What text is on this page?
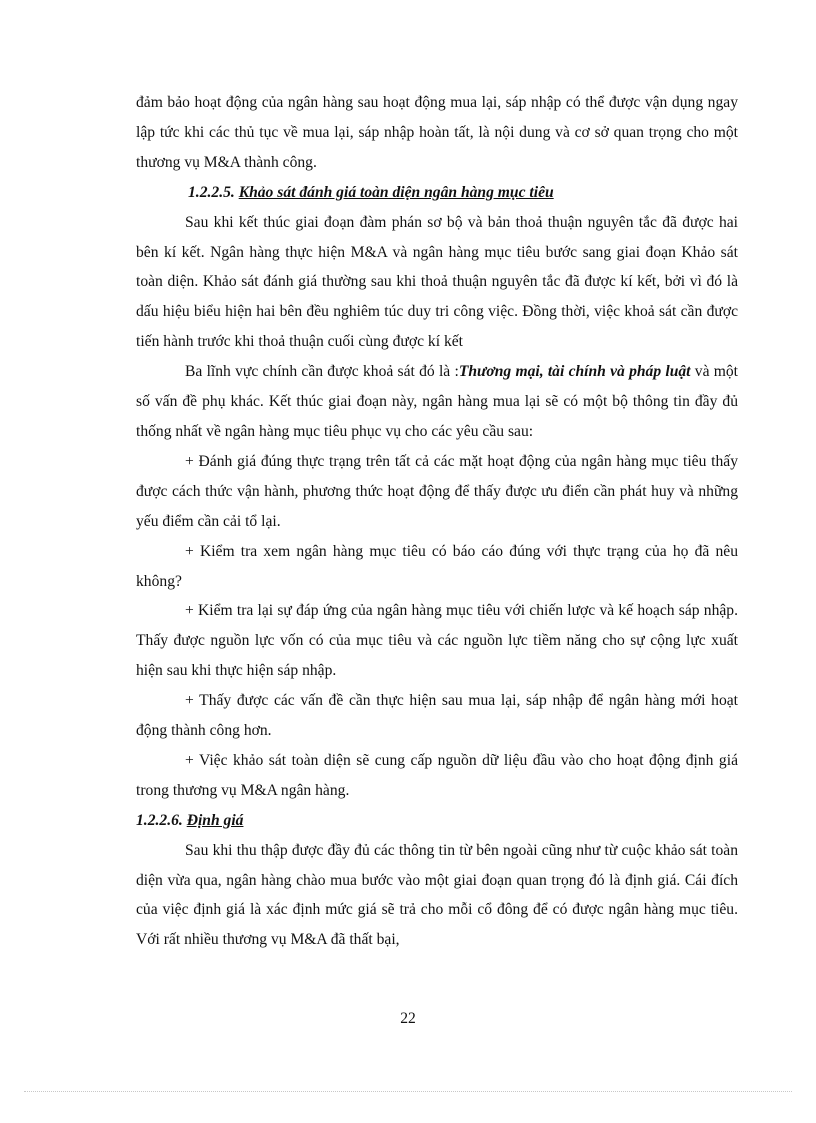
đảm bảo hoạt động của ngân hàng sau hoạt động mua lại, sáp nhập có thể được vận dụng ngay lập tức khi các thủ tục về mua lại, sáp nhập hoàn tất, là nội dung và cơ sở quan trọng cho một thương vụ M&A thành công.

1.2.2.5. Khảo sát đánh giá toàn diện ngân hàng mục tiêu

Sau khi kết thúc giai đoạn đàm phán sơ bộ và bản thoả thuận nguyên tắc đã được hai bên kí kết. Ngân hàng thực hiện M&A và ngân hàng mục tiêu bước sang giai đoạn Khảo sát toàn diện. Khảo sát đánh giá thường sau khi thoả thuận nguyên tắc đã được kí kết, bởi vì đó là dấu hiệu biểu hiện hai bên đều nghiêm túc duy tri công việc. Đồng thời, việc khoả sát cần được tiến hành trước khi thoả thuận cuối cùng được kí kết

Ba lĩnh vực chính cần được khoả sát đó là :Thương mại, tài chính và pháp luật và một số vấn đề phụ khác. Kết thúc giai đoạn này, ngân hàng mua lại sẽ có một bộ thông tin đầy đủ thống nhất về ngân hàng mục tiêu phục vụ cho các yêu cầu sau:

+ Đánh giá đúng thực trạng trên tất cả các mặt hoạt động của ngân hàng mục tiêu thấy được cách thức vận hành, phương thức hoạt động để thấy được ưu điển cần phát huy và những yếu điểm cần cải tổ lại.

+ Kiểm tra xem ngân hàng mục tiêu có báo cáo đúng với thực trạng của họ đã nêu không?

+ Kiểm tra lại sự đáp ứng của ngân hàng mục tiêu với chiến lược và kế hoạch sáp nhập. Thấy được nguồn lực vốn có của mục tiêu và các nguồn lực tiềm năng cho sự cộng lực xuất hiện sau khi thực hiện sáp nhập.

+ Thấy được các vấn đề cần thực hiện sau mua lại, sáp nhập để ngân hàng mới hoạt động thành công hơn.

+ Việc khảo sát toàn diện sẽ cung cấp nguồn dữ liệu đầu vào cho hoạt động định giá trong thương vụ M&A ngân hàng.

1.2.2.6. Định giá

Sau khi thu thập được đầy đủ các thông tin từ bên ngoài cũng như từ cuộc khảo sát toàn diện vừa qua, ngân hàng chào mua bước vào một giai đoạn quan trọng đó là định giá. Cái đích của việc định giá là xác định mức giá sẽ trả cho mỗi cổ đông để có được ngân hàng mục tiêu. Với rất nhiều thương vụ M&A đã thất bại,

22
